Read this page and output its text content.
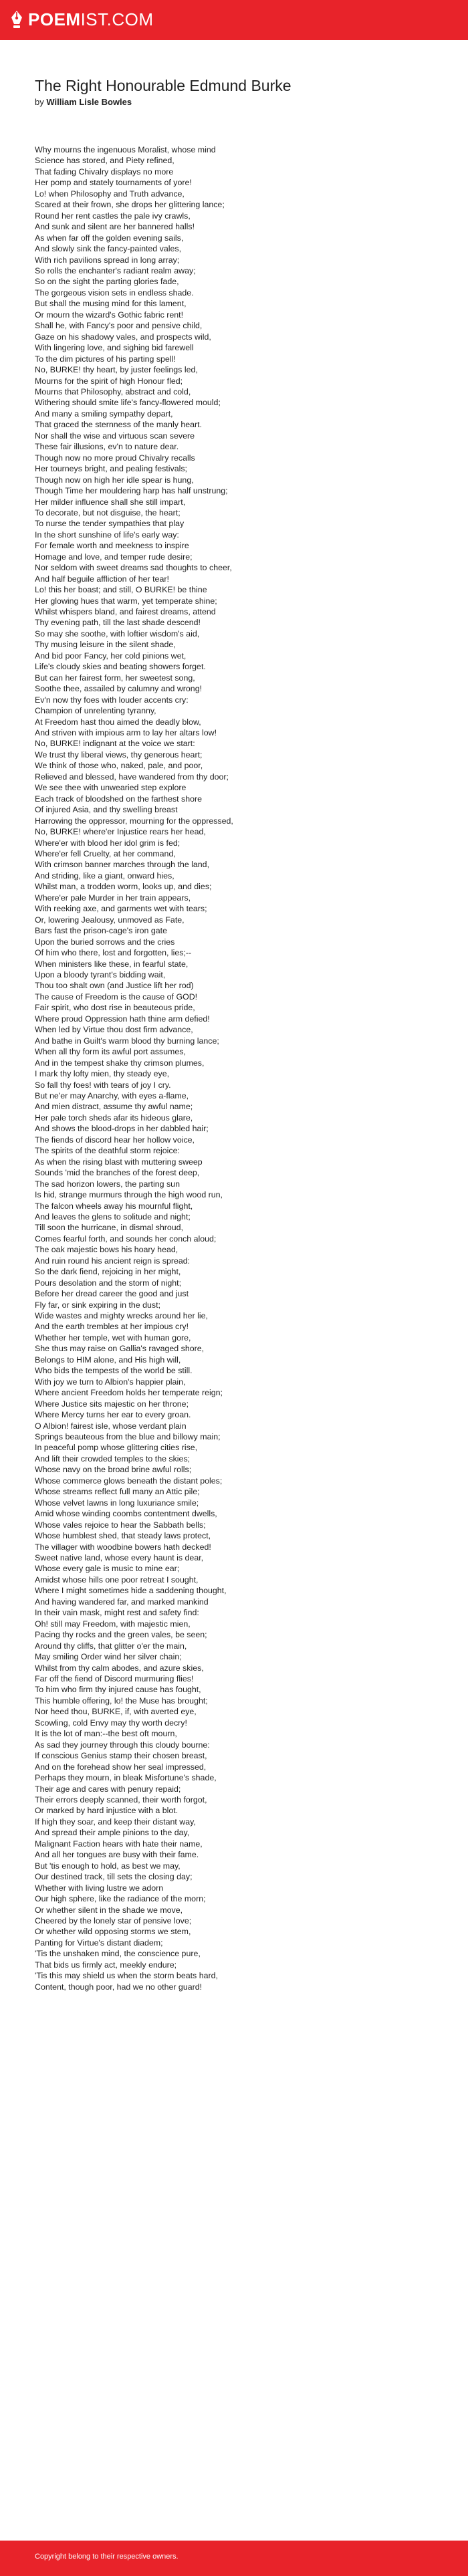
POEMIST.COM
The Right Honourable Edmund Burke
by William Lisle Bowles
Why mourns the ingenuous Moralist, whose mind
Science has stored, and Piety refined,
That fading Chivalry displays no more
Her pomp and stately tournaments of yore!
Lo! when Philosophy and Truth advance,
Scared at their frown, she drops her glittering lance;
Round her rent castles the pale ivy crawls,
And sunk and silent are her bannered halls!
As when far off the golden evening sails,
And slowly sink the fancy-painted vales,
With rich pavilions spread in long array;
So rolls the enchanter's radiant realm away;
So on the sight the parting glories fade,
The gorgeous vision sets in endless shade.
But shall the musing mind for this lament,
Or mourn the wizard's Gothic fabric rent!
Shall he, with Fancy's poor and pensive child,
Gaze on his shadowy vales, and prospects wild,
With lingering love, and sighing bid farewell
To the dim pictures of his parting spell!
No, BURKE! thy heart, by juster feelings led,
Mourns for the spirit of high Honour fled;
Mourns that Philosophy, abstract and cold,
Withering should smite life's fancy-flowered mould;
And many a smiling sympathy depart,
That graced the sternness of the manly heart.
Nor shall the wise and virtuous scan severe
These fair illusions, ev'n to nature dear.
Though now no more proud Chivalry recalls
Her tourneys bright, and pealing festivals;
Though now on high her idle spear is hung,
Though Time her mouldering harp has half unstrung;
Her milder influence shall she still impart,
To decorate, but not disguise, the heart;
To nurse the tender sympathies that play
In the short sunshine of life's early way:
For female worth and meekness to inspire
Homage and love, and temper rude desire;
Nor seldom with sweet dreams sad thoughts to cheer,
And half beguile affliction of her tear!
Lo! this her boast; and still, O BURKE! be thine
Her glowing hues that warm, yet temperate shine;
Whilst whispers bland, and fairest dreams, attend
Thy evening path, till the last shade descend!
So may she soothe, with loftier wisdom's aid,
Thy musing leisure in the silent shade,
And bid poor Fancy, her cold pinions wet,
Life's cloudy skies and beating showers forget.
But can her fairest form, her sweetest song,
Soothe thee, assailed by calumny and wrong!
Ev'n now thy foes with louder accents cry:
Champion of unrelenting tyranny,
At Freedom hast thou aimed the deadly blow,
And striven with impious arm to lay her altars low!
No, BURKE! indignant at the voice we start:
We trust thy liberal views, thy generous heart;
We think of those who, naked, pale, and poor,
Relieved and blessed, have wandered from thy door;
We see thee with unwearied step explore
Each track of bloodshed on the farthest shore
Of injured Asia, and thy swelling breast
Harrowing the oppressor, mourning for the oppressed,
No, BURKE! where'er Injustice rears her head,
Where'er with blood her idol grim is fed;
Where'er fell Cruelty, at her command,
With crimson banner marches through the land,
And striding, like a giant, onward hies,
Whilst man, a trodden worm, looks up, and dies;
Where'er pale Murder in her train appears,
With reeking axe, and garments wet with tears;
Or, lowering Jealousy, unmoved as Fate,
Bars fast the prison-cage's iron gate
Upon the buried sorrows and the cries
Of him who there, lost and forgotten, lies;--
When ministers like these, in fearful state,
Upon a bloody tyrant's bidding wait,
Thou too shalt own (and Justice lift her rod)
The cause of Freedom is the cause of GOD!
Fair spirit, who dost rise in beauteous pride,
Where proud Oppression hath thine arm defied!
When led by Virtue thou dost firm advance,
And bathe in Guilt's warm blood thy burning lance;
When all thy form its awful port assumes,
And in the tempest shake thy crimson plumes,
I mark thy lofty mien, thy steady eye,
So fall thy foes! with tears of joy I cry.
But ne'er may Anarchy, with eyes a-flame,
And mien distract, assume thy awful name;
Her pale torch sheds afar its hideous glare,
And shows the blood-drops in her dabbled hair;
The fiends of discord hear her hollow voice,
The spirits of the deathful storm rejoice:
As when the rising blast with muttering sweep
Sounds 'mid the branches of the forest deep,
The sad horizon lowers, the parting sun
Is hid, strange murmurs through the high wood run,
The falcon wheels away his mournful flight,
And leaves the glens to solitude and night;
Till soon the hurricane, in dismal shroud,
Comes fearful forth, and sounds her conch aloud;
The oak majestic bows his hoary head,
And ruin round his ancient reign is spread:
So the dark fiend, rejoicing in her might,
Pours desolation and the storm of night;
Before her dread career the good and just
Fly far, or sink expiring in the dust;
Wide wastes and mighty wrecks around her lie,
And the earth trembles at her impious cry!
Whether her temple, wet with human gore,
She thus may raise on Gallia's ravaged shore,
Belongs to HIM alone, and His high will,
Who bids the tempests of the world be still.
With joy we turn to Albion's happier plain,
Where ancient Freedom holds her temperate reign;
Where Justice sits majestic on her throne;
Where Mercy turns her ear to every groan.
O Albion! fairest isle, whose verdant plain
Springs beauteous from the blue and billowy main;
In peaceful pomp whose glittering cities rise,
And lift their crowded temples to the skies;
Whose navy on the broad brine awful rolls;
Whose commerce glows beneath the distant poles;
Whose streams reflect full many an Attic pile;
Whose velvet lawns in long luxuriance smile;
Amid whose winding coombs contentment dwells,
Whose vales rejoice to hear the Sabbath bells;
Whose humblest shed, that steady laws protect,
The villager with woodbine bowers hath decked!
Sweet native land, whose every haunt is dear,
Whose every gale is music to mine ear;
Amidst whose hills one poor retreat I sought,
Where I might sometimes hide a saddening thought,
And having wandered far, and marked mankind
In their vain mask, might rest and safety find:
Oh! still may Freedom, with majestic mien,
Pacing thy rocks and the green vales, be seen;
Around thy cliffs, that glitter o'er the main,
May smiling Order wind her silver chain;
Whilst from thy calm abodes, and azure skies,
Far off the fiend of Discord murmuring flies!
To him who firm thy injured cause has fought,
This humble offering, lo! the Muse has brought;
Nor heed thou, BURKE, if, with averted eye,
Scowling, cold Envy may thy worth decry!
It is the lot of man:--the best oft mourn,
As sad they journey through this cloudy bourne:
If conscious Genius stamp their chosen breast,
And on the forehead show her seal impressed,
Perhaps they mourn, in bleak Misfortune's shade,
Their age and cares with penury repaid;
Their errors deeply scanned, their worth forgot,
Or marked by hard injustice with a blot.
If high they soar, and keep their distant way,
And spread their ample pinions to the day,
Malignant Faction hears with hate their name,
And all her tongues are busy with their fame.
But 'tis enough to hold, as best we may,
Our destined track, till sets the closing day;
Whether with living lustre we adorn
Our high sphere, like the radiance of the morn;
Or whether silent in the shade we move,
Cheered by the lonely star of pensive love;
Or whether wild opposing storms we stem,
Panting for Virtue's distant diadem;
'Tis the unshaken mind, the conscience pure,
That bids us firmly act, meekly endure;
'Tis this may shield us when the storm beats hard,
Content, though poor, had we no other guard!
Copyright belong to their respective owners.
